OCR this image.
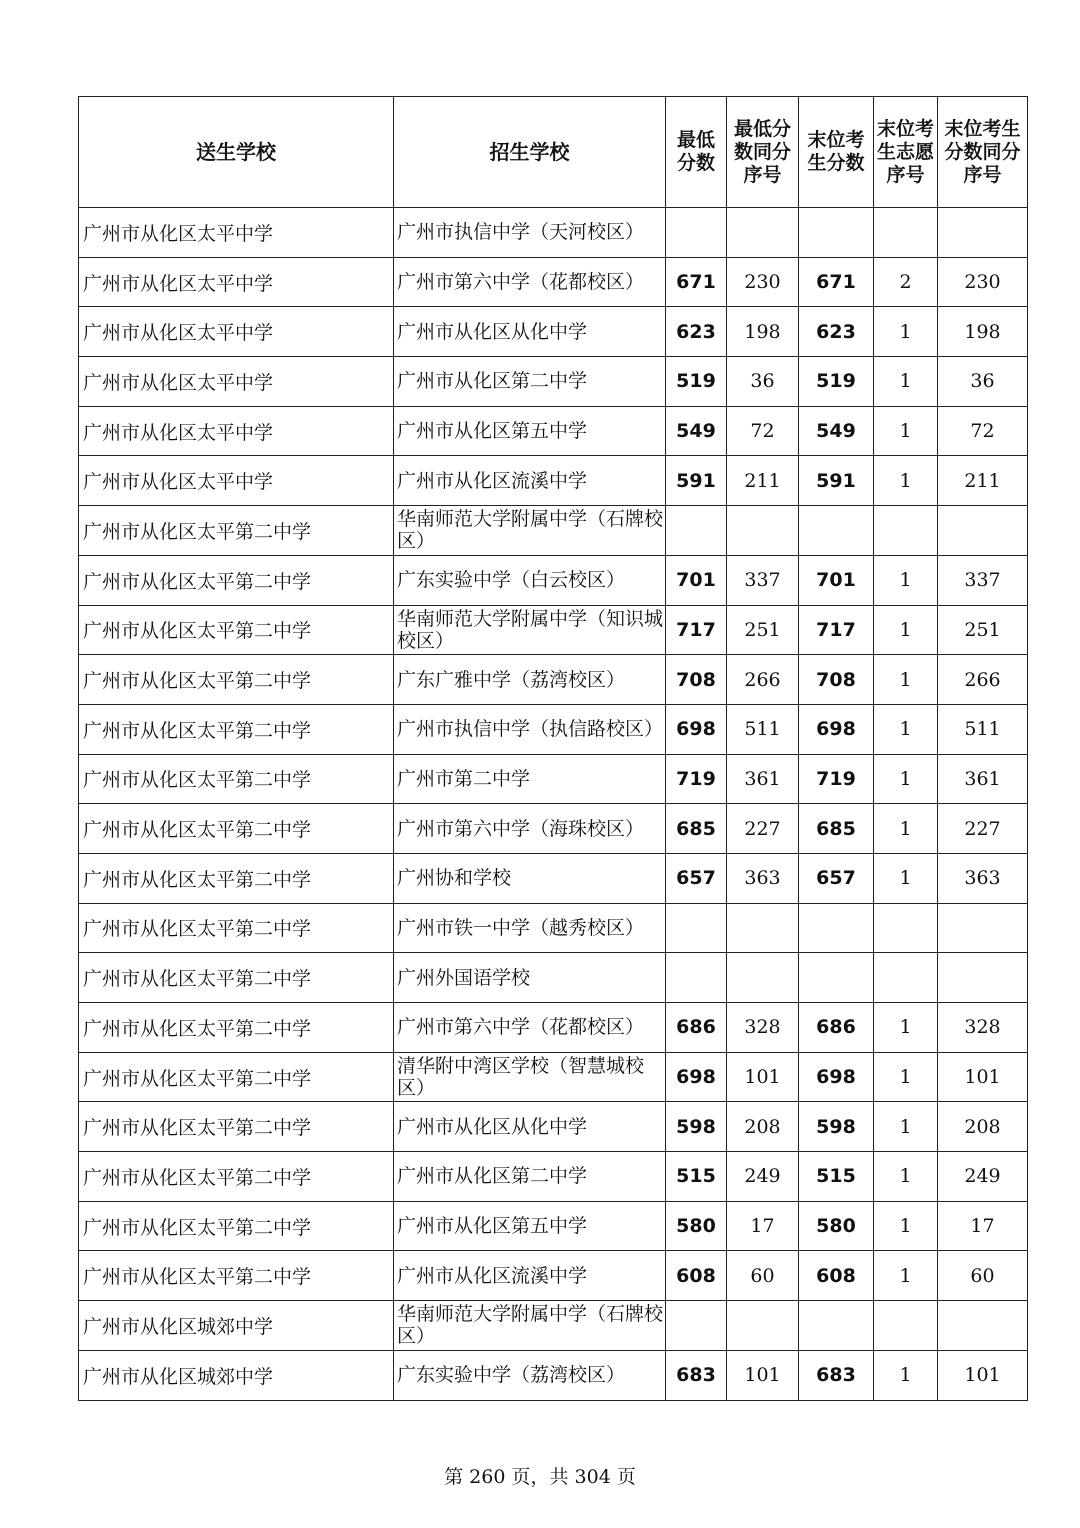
送生学校	招生学校	最低分数	最低分数同分序号	末位考生分数	末位考生志愿序号	末位考生分数同分序号
广州市从化区太平中学	广州市执信中学（天河校区）					
广州市从化区太平中学	广州市第六中学（花都校区）	671	230	671	2	230
广州市从化区太平中学	广州市从化区从化中学	623	198	623	1	198
广州市从化区太平中学	广州市从化区第二中学	519	36	519	1	36
广州市从化区太平中学	广州市从化区第五中学	549	72	549	1	72
广州市从化区太平中学	广州市从化区流溪中学	591	211	591	1	211
广州市从化区太平第二中学	华南师范大学附属中学（石牌校区）					
广州市从化区太平第二中学	广东实验中学（白云校区）	701	337	701	1	337
广州市从化区太平第二中学	华南师范大学附属中学（知识城校区）	717	251	717	1	251
广州市从化区太平第二中学	广东广雅中学（荔湾校区）	708	266	708	1	266
广州市从化区太平第二中学	广州市执信中学（执信路校区）	698	511	698	1	511
广州市从化区太平第二中学	广州市第二中学	719	361	719	1	361
广州市从化区太平第二中学	广州市第六中学（海珠校区）	685	227	685	1	227
广州市从化区太平第二中学	广州协和学校	657	363	657	1	363
广州市从化区太平第二中学	广州市铁一中学（越秀校区）					
广州市从化区太平第二中学	广州外国语学校					
广州市从化区太平第二中学	广州市第六中学（花都校区）	686	328	686	1	328
广州市从化区太平第二中学	清华附中湾区学校（智慧城校区）	698	101	698	1	101
广州市从化区太平第二中学	广州市从化区从化中学	598	208	598	1	208
广州市从化区太平第二中学	广州市从化区第二中学	515	249	515	1	249
广州市从化区太平第二中学	广州市从化区第五中学	580	17	580	1	17
广州市从化区太平第二中学	广州市从化区流溪中学	608	60	608	1	60
广州市从化区城郊中学	华南师范大学附属中学（石牌校区）					
广州市从化区城郊中学	广东实验中学（荔湾校区）	683	101	683	1	101
第 260 页，共 304 页
